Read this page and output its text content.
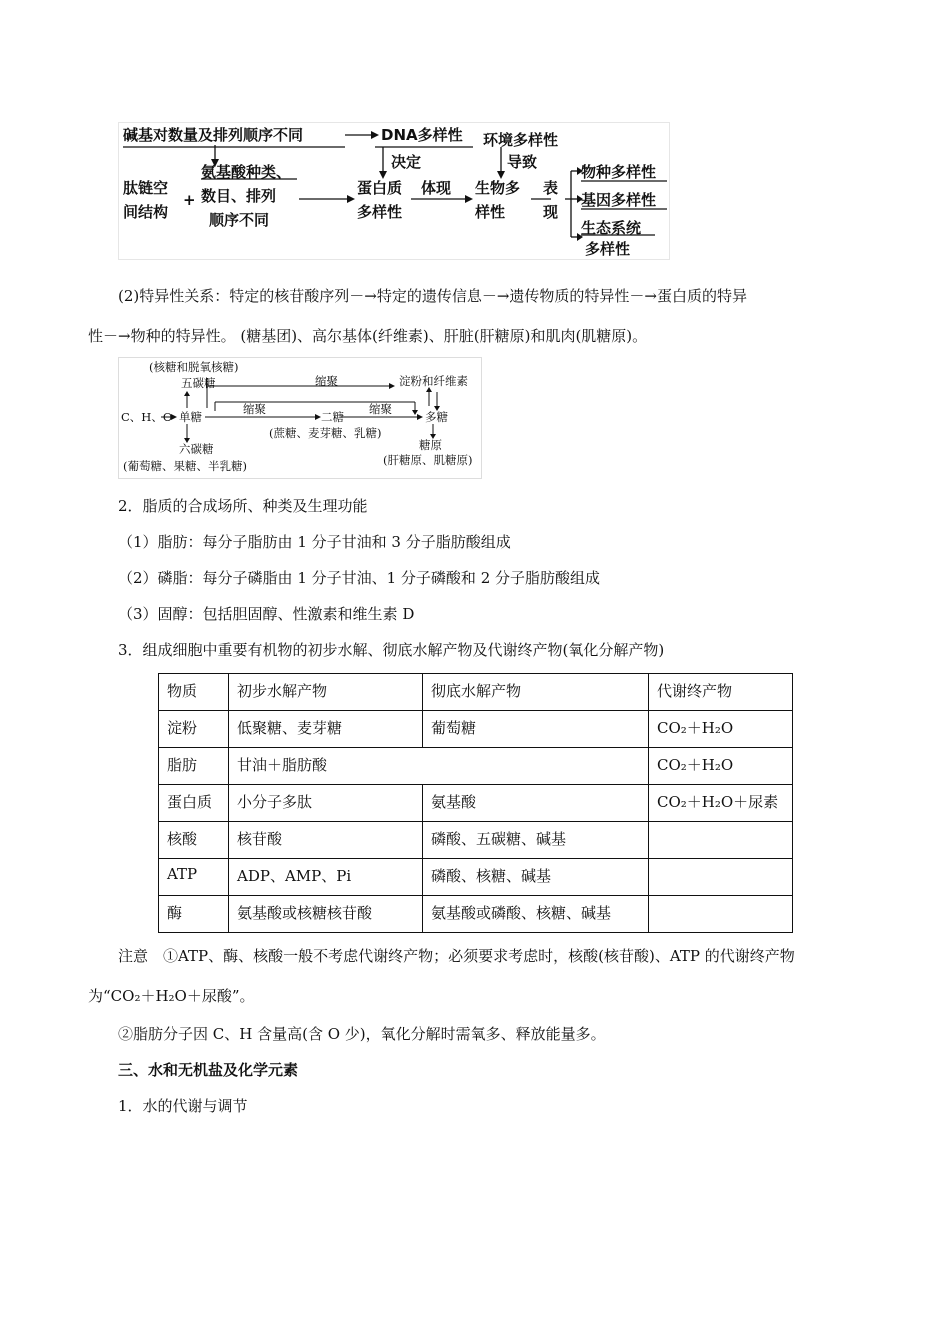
碱基对数量及排列顺序不同	DNA多样性 环境多样性
决定	导致
肽链空
间结构
+
氨基酸种类、
数目、排列
顺序不同
蛋白质
多样性
体现 生物多
样性
表
现
物种多样性
基因多样性
生态系统
多样性
(2)特异性关系：特定的核苷酸序列－→特定的遗传信息－→遗传物质的特异性－→蛋白质的特异
性－→物种的特异性。 (糖基团)、高尔基体(纤维素)、肝脏(肝糖原)和肌肉(肌糖原)。
(核糖和脱氧核糖)
五碳糖	缩聚	淀粉和纤维素
C、H、O 单糖
缩聚
二糖
缩聚
多糖
(蔗糖、麦芽糖、乳糖)
六碳糖	糖原
(葡萄糖、果糖、半乳糖)	(肝糖原、肌糖原)
2．脂质的合成场所、种类及生理功能
（1）脂肪：每分子脂肪由 1 分子甘油和 3 分子脂肪酸组成
（2）磷脂：每分子磷脂由 1 分子甘油、1 分子磷酸和 2 分子脂肪酸组成
（3）固醇：包括胆固醇、性激素和维生素 D
3．组成细胞中重要有机物的初步水解、彻底水解产物及代谢终产物(氧化分解产物)
物质	初步水解产物	彻底水解产物	代谢终产物
淀粉	低聚糖、麦芽糖	葡萄糖	CO₂＋H₂O
脂肪	甘油＋脂肪酸		CO₂＋H₂O
蛋白质	小分子多肽	氨基酸	CO₂＋H₂O＋尿素
核酸	核苷酸	磷酸、五碳糖、碱基	
ATP	ADP、AMP、Pi	磷酸、核糖、碱基	
酶	氨基酸或核糖核苷酸	氨基酸或磷酸、核糖、碱基	
注意　①ATP、酶、核酸一般不考虑代谢终产物；必须要求考虑时，核酸(核苷酸)、ATP 的代谢终产物
为“CO₂＋H₂O＋尿酸”。
②脂肪分子因 C、H 含量高(含 O 少)，氧化分解时需氧多、释放能量多。
三、水和无机盐及化学元素
1．水的代谢与调节
